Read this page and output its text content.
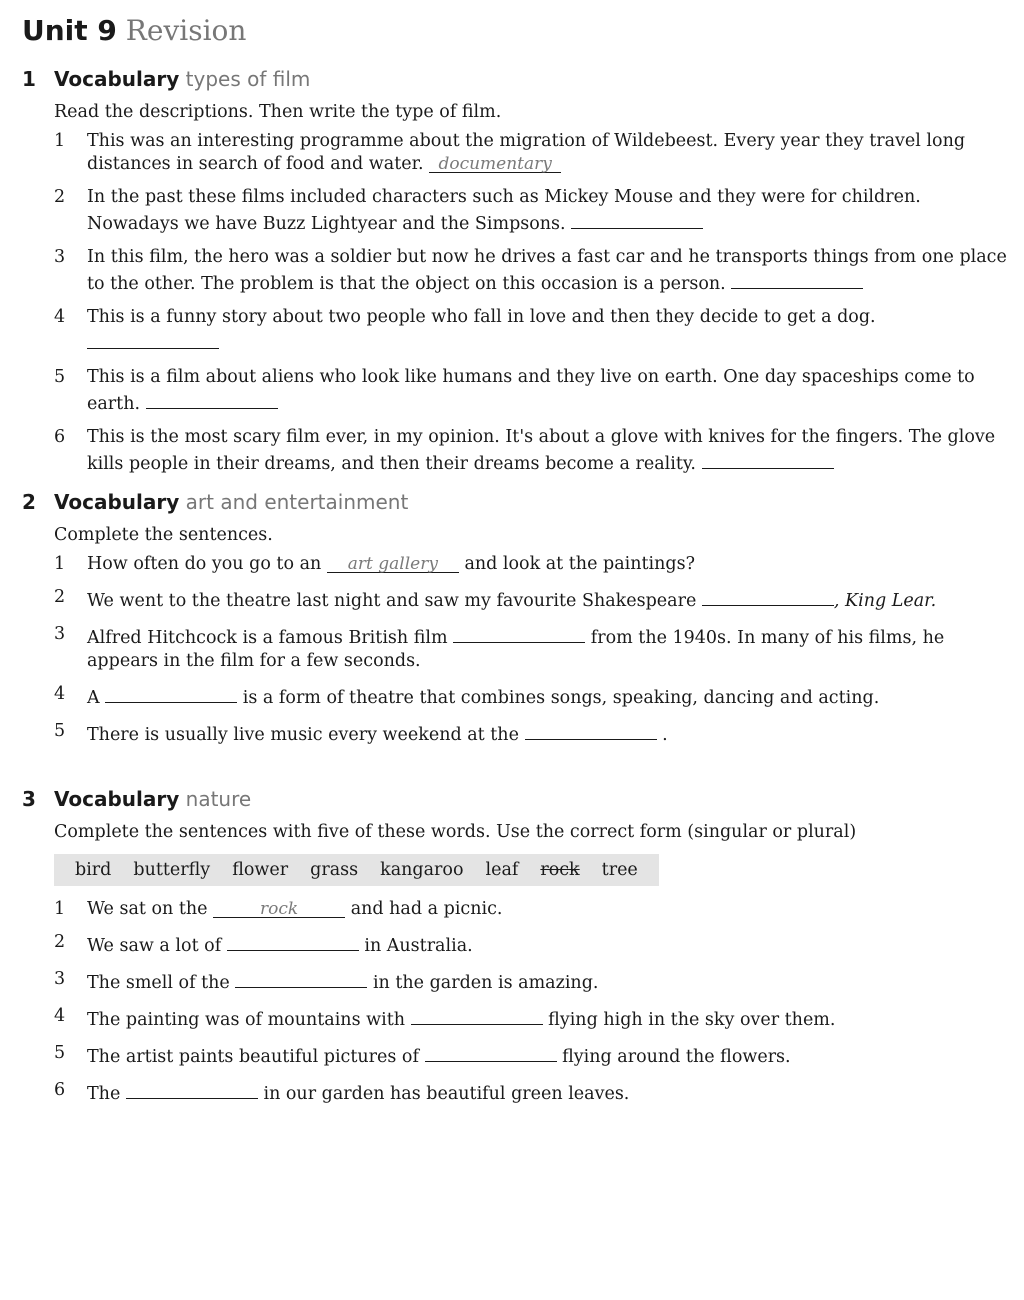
Unit 9 Revision
1 Vocabulary types of film
Read the descriptions. Then write the type of film.
1 This was an interesting programme about the migration of Wildebeest. Every year they travel long distances in search of food and water. documentary
2 In the past these films included characters such as Mickey Mouse and they were for children. Nowadays we have Buzz Lightyear and the Simpsons.
3 In this film, the hero was a soldier but now he drives a fast car and he transports things from one place to the other. The problem is that the object on this occasion is a person.
4 This is a funny story about two people who fall in love and then they decide to get a dog.
5 This is a film about aliens who look like humans and they live on earth. One day spaceships come to earth.
6 This is the most scary film ever, in my opinion. It's about a glove with knives for the fingers. The glove kills people in their dreams, and then their dreams become a reality.
2 Vocabulary art and entertainment
Complete the sentences.
1 How often do you go to an art gallery and look at the paintings?
2 We went to the theatre last night and saw my favourite Shakespeare	, King Lear.
3 Alfred Hitchcock is a famous British film	from the 1940s. In many of his films, he appears in the film for a few seconds.
4 A	is a form of theatre that combines songs, speaking, dancing and acting.
5 There is usually live music every weekend at the	.
3 Vocabulary nature
Complete the sentences with five of these words. Use the correct form (singular or plural)
bird	butterfly	flower	grass	kangaroo	leaf	rock	tree
1 We sat on the	rock	and had a picnic.
2 We saw a lot of	in Australia.
3 The smell of the	in the garden is amazing.
4 The painting was of mountains with	flying high in the sky over them.
5 The artist paints beautiful pictures of	flying around the flowers.
6 The	in our garden has beautiful green leaves.
